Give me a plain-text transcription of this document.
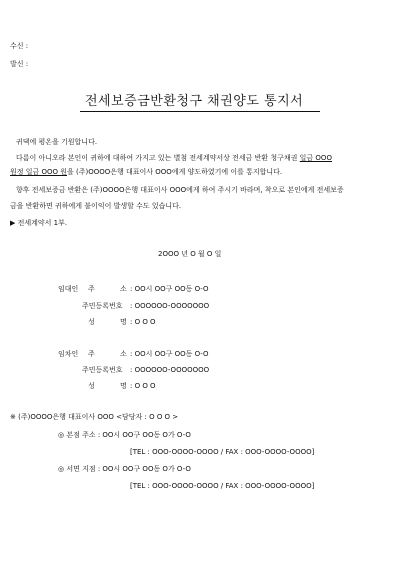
수신 :
발신 :
전세보증금반환청구 채권양도 통지서
귀댁에 평온을 기원합니다.
다름이 아니오라 본인이 귀하에 대하여 가지고 있는 별첨 전세계약서상 전세금 반환 청구채권 일금 OOO
원정 일금 OOO 원을 (주)OOOO은행 대표이사 OOO에게 양도하였기에 이를 통지합니다.
향후 전세보증금 반환은 (주)OOOO은행 대표이사 OOO에게 하여 주시기 바라며, 착오로 본인에게 전세보증
금을 반환하면 귀하에게 불이익이 발생할 수도 있습니다.
▶ 전세계약서 1부.
2OOO 년 O 월 O 일
임대인 주	소 : OO시 OO구 OO동 O-O
주민등록번호 : OOOOOO-OOOOOOO
성	명 : O O O
임차인 주	소 : OO시 OO구 OO동 O-O
주민등록번호 : OOOOOO-OOOOOOO
성	명 : O O O
※ (주)OOOO은행 대표이사 OOO <담당자 : O O O >
◎ 본점 주소 : OO시 OO구 OO동 O가 O-O
[TEL : OOO-OOOO-OOOO / FAX : OOO-OOOO-OOOO]
◎ 서면 지점 : OO시 OO구 OO동 O가 O-O
[TEL : OOO-OOOO-OOOO / FAX : OOO-OOOO-OOOO]
